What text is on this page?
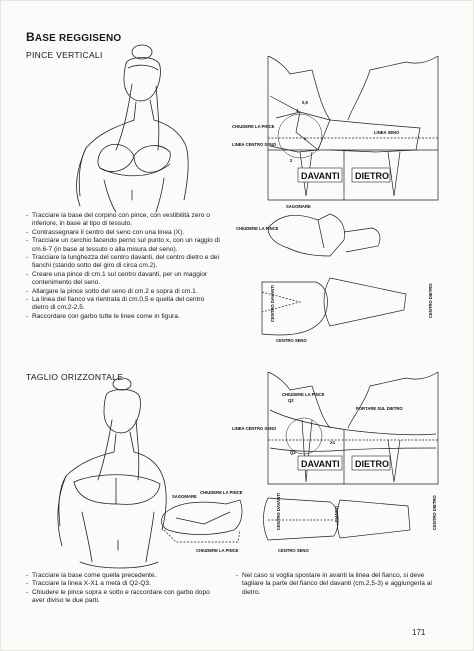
BASE REGGISENO
PINCE VERTICALI
DAVANTI DIETRO
CHIUDERE LA PINCE
LINEA CENTRO SENO
LINEA SENO
0,5
1
2
x
SAGOMARE
CHIUDERE LA PINCE
CENTRO SENO
CENTRO DAVANTI	CENTRO DIETRO
- Tracciare la base del corpino con pince, con vestibilità zero o inferiore, in base al tipo di tessuto.
- Contrassegnare il centro del seno con una linea (X).
- Tracciare un cerchio facendo perno sul punto x, con un raggio di cm.6-7 (in base al tessuto o alla misura del seno).
- Tracciare la lunghezza del centro davanti, del centro dietro e dei fianchi (stando sotto del giro di circa cm.2).
- Creare una pince di cm.1 sul centro davanti, per un maggior contenimento del seno.
- Allargare la pince sotto del seno di cm.2 e sopra di cm.1.
- La linea del fianco va rientrata di cm.0,5 e quella del centro dietro di cm.2-2,5.
- Raccordare con garbo tutte le linee come in figura.
TAGLIO ORIZZONTALE
DAVANTI DIETRO
CHIUDERE LA PINCE
PORTARE SUL DIETRO
LINEA CENTRO SENO
Q2
Q3
X1
SAGOMARE
CHIUDERE LA PINCE
CHIUDERE LA PINCE
FIANCO
CENTRO SENO
CENTRO DAVANTI	CENTRO DIETRO
- Tracciare la base come quella precedente.
- Tracciare la linea X-X1 a metà di Q2-Q3.
- Chiudere le pince sopra e sotto e raccordare con garbo dopo aver diviso le due parti.
- Nel caso si voglia spostare in avanti la linea del fianco, si deve tagliare la parte del fianco del davanti (cm.2,5-3) e aggiungerla al dietro.
171
